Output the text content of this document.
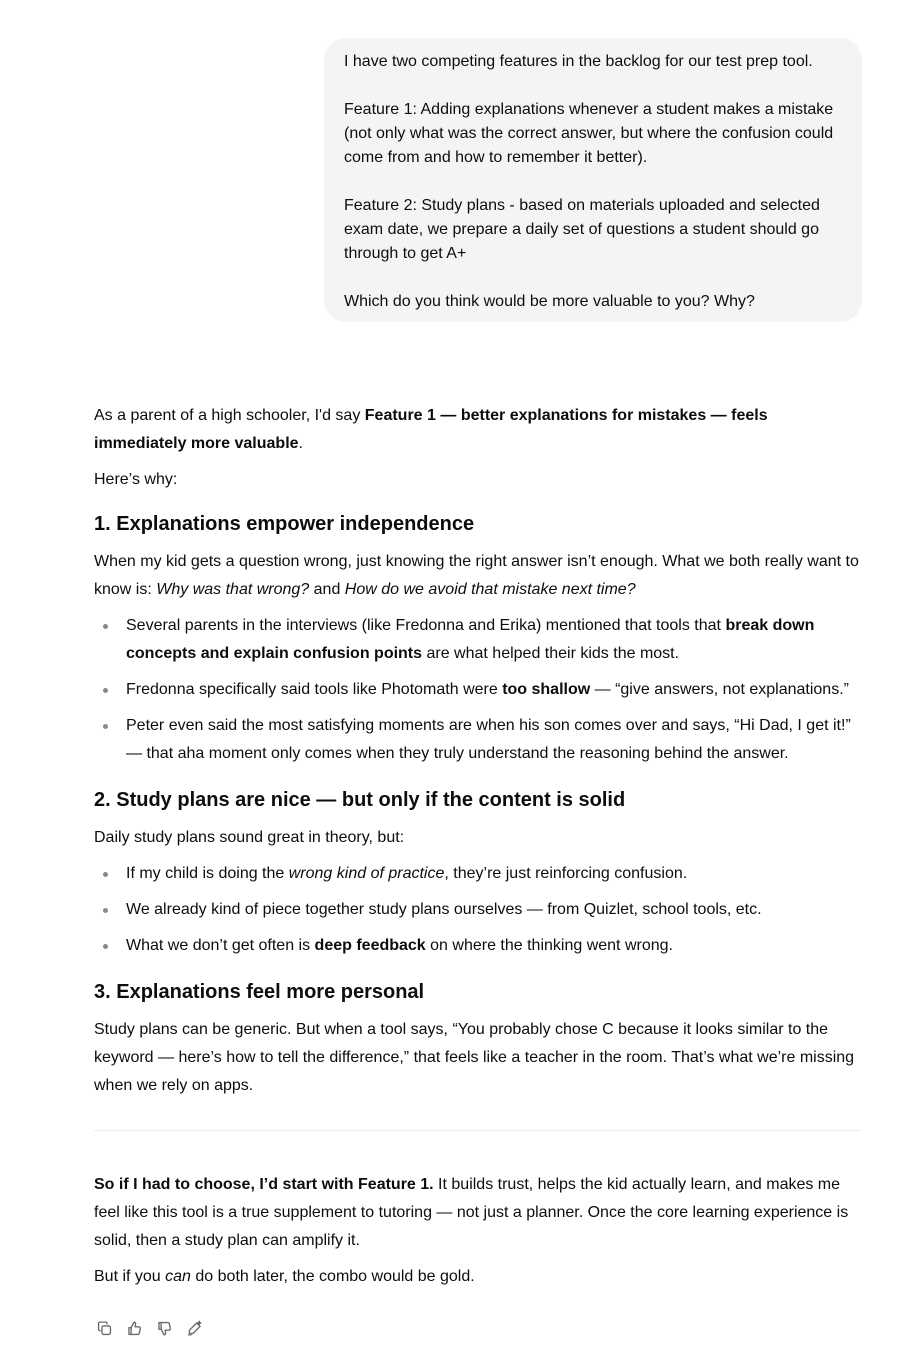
I have two competing features in the backlog for our test prep tool.

Feature 1: Adding explanations whenever a student makes a mistake (not only what was the correct answer, but where the confusion could come from and how to remember it better).

Feature 2: Study plans - based on materials uploaded and selected exam date, we prepare a daily set of questions a student should go through to get A+

Which do you think would be more valuable to you? Why?

As a parent of a high schooler, I'd say Feature 1 — better explanations for mistakes — feels immediately more valuable.

Here’s why:

1. Explanations empower independence

When my kid gets a question wrong, just knowing the right answer isn’t enough. What we both really want to know is: Why was that wrong? and How do we avoid that mistake next time?

Several parents in the interviews (like Fredonna and Erika) mentioned that tools that break down concepts and explain confusion points are what helped their kids the most.
Fredonna specifically said tools like Photomath were too shallow — “give answers, not explanations.”
Peter even said the most satisfying moments are when his son comes over and says, “Hi Dad, I get it!” — that aha moment only comes when they truly understand the reasoning behind the answer.
2. Study plans are nice — but only if the content is solid

Daily study plans sound great in theory, but:

If my child is doing the wrong kind of practice, they’re just reinforcing confusion.
We already kind of piece together study plans ourselves — from Quizlet, school tools, etc.
What we don’t get often is deep feedback on where the thinking went wrong.
3. Explanations feel more personal

Study plans can be generic. But when a tool says, “You probably chose C because it looks similar to the keyword — here’s how to tell the difference,” that feels like a teacher in the room. That’s what we’re missing when we rely on apps.

So if I had to choose, I’d start with Feature 1. It builds trust, helps the kid actually learn, and makes me feel like this tool is a true supplement to tutoring — not just a planner. Once the core learning experience is solid, then a study plan can amplify it.

But if you can do both later, the combo would be gold.
